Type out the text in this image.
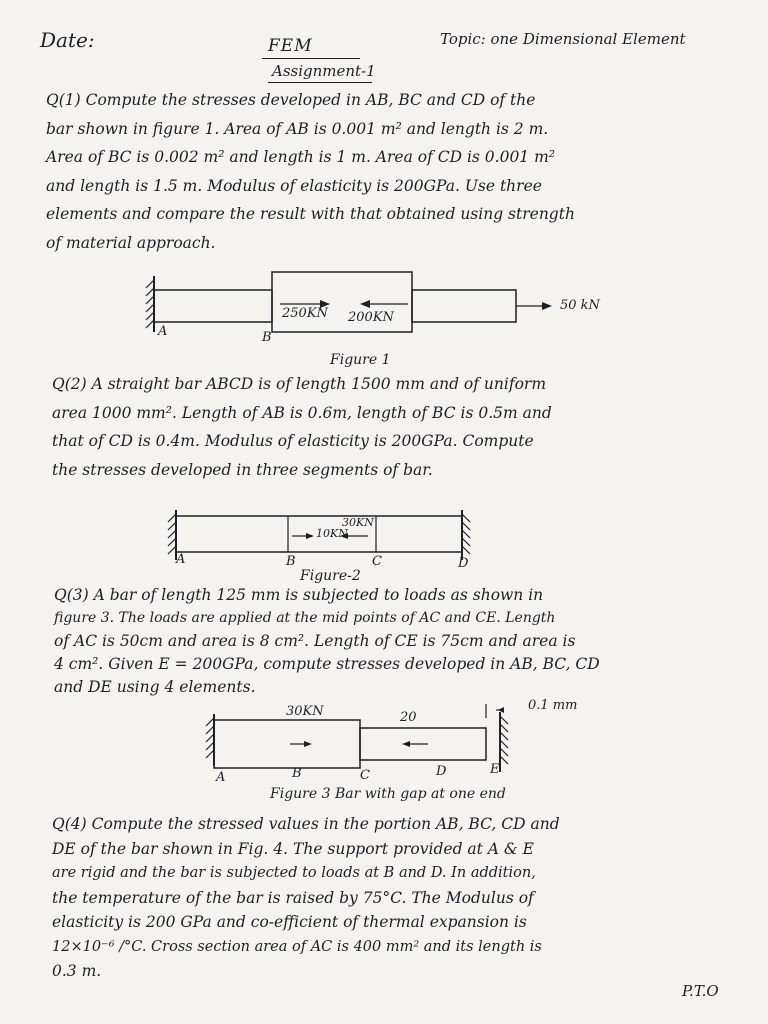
Date:	Topic: one Dimensional Element
FEM
Assignment-1
Q(1) Compute the stresses developed in AB, BC and CD of the
bar shown in figure 1. Area of AB is 0.001 m² and length is 2 m.
Area of BC is 0.002 m² and length is 1 m. Area of CD is 0.001 m²
and length is 1.5 m. Modulus of elasticity is 200GPa. Use three
elements and compare the result with that obtained using strength
of material approach.
250KN 200KN
50 kN
A	B
Figure 1
Q(2) A straight bar ABCD is of length 1500 mm and of uniform
area 1000 mm². Length of AB is 0.6m, length of BC is 0.5m and
that of CD is 0.4m. Modulus of elasticity is 200GPa. Compute
the stresses developed in three segments of bar.
10KN
30KN
A	B	C	D
Figure-2
Q(3) A bar of length 125 mm is subjected to loads as shown in
figure 3. The loads are applied at the mid points of AC and CE. Length
of AC is 50cm and area is 8 cm². Length of CE is 75cm and area is
4 cm². Given E = 200GPa, compute stresses developed in AB, BC, CD
and DE using 4 elements.
30KN	20
0.1 mm
A	B	C	D	E
Figure 3 Bar with gap at one end
Q(4) Compute the stressed values in the portion AB, BC, CD and
DE of the bar shown in Fig. 4. The support provided at A & E
are rigid and the bar is subjected to loads at B and D. In addition,
the temperature of the bar is raised by 75°C. The Modulus of
elasticity is 200 GPa and co-efficient of thermal expansion is
12×10⁻⁶ /°C. Cross section area of AC is 400 mm² and its length is
0.3 m.
P.T.O
